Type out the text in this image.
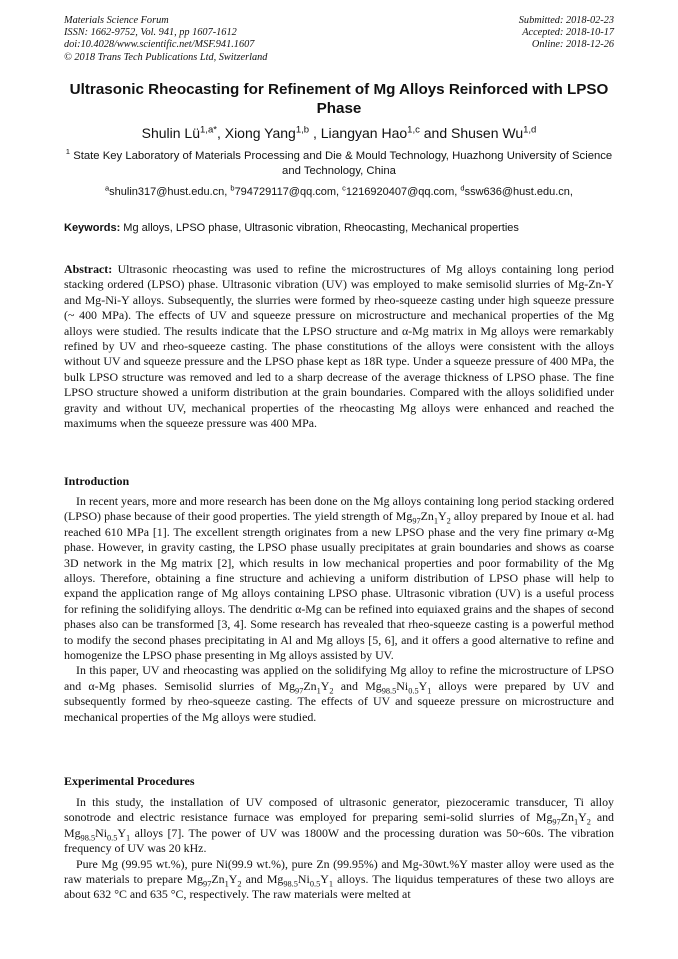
Materials Science Forum
ISSN: 1662-9752, Vol. 941, pp 1607-1612
doi:10.4028/www.scientific.net/MSF.941.1607
© 2018 Trans Tech Publications Ltd, Switzerland
Submitted: 2018-02-23
Accepted: 2018-10-17
Online: 2018-12-26
Ultrasonic Rheocasting for Refinement of Mg Alloys Reinforced with LPSO Phase
Shulin $Lü^{1,a*}$, Xiong Yang$^{1,b}$ , Liangyan Hao$^{1,c}$ and Shusen Wu$^{1,d}$
$^1$ State Key Laboratory of Materials Processing and Die & Mould Technology, Huazhong University of Science and Technology, China
$^a$shulin317@hust.edu.cn, $^b$794729117@qq.com, $^c$1216920407@qq.com, $^d$ssw636@hust.edu.cn,
Keywords: Mg alloys, LPSO phase, Ultrasonic vibration, Rheocasting, Mechanical properties
Abstract: Ultrasonic rheocasting was used to refine the microstructures of Mg alloys containing long period stacking ordered (LPSO) phase. Ultrasonic vibration (UV) was employed to make semisolid slurries of Mg-Zn-Y and Mg-Ni-Y alloys. Subsequently, the slurries were formed by rheo-squeeze casting under high squeeze pressure (~ 400 MPa). The effects of UV and squeeze pressure on microstructure and mechanical properties of the Mg alloys were studied. The results indicate that the LPSO structure and α-Mg matrix in Mg alloys were remarkably refined by UV and rheo-squeeze casting. The phase constitutions of the alloys were consistent with the alloys without UV and squeeze pressure and the LPSO phase kept as 18R type. Under a squeeze pressure of 400 MPa, the bulk LPSO structure was removed and led to a sharp decrease of the average thickness of LPSO phase. The fine LPSO structure showed a uniform distribution at the grain boundaries. Compared with the alloys solidified under gravity and without UV, mechanical properties of the rheocasting Mg alloys were enhanced and reached the maximums when the squeeze pressure was 400 MPa.
Introduction

In recent years, more and more research has been done on the Mg alloys containing long period stacking ordered (LPSO) phase because of their good properties. The yield strength of $Mg_{97}Zn_1Y_2$ alloy prepared by Inoue et al. had reached 610 MPa [1]. The excellent strength originates from a new LPSO phase and the very fine primary α-Mg phase. However, in gravity casting, the LPSO phase usually precipitates at grain boundaries and shows as coarse 3D network in the Mg matrix [2], which results in low mechanical properties and poor formability of the Mg alloys. Therefore, obtaining a fine structure and achieving a uniform distribution of LPSO phase will help to expand the application range of Mg alloys containing LPSO phase. Ultrasonic vibration (UV) is a useful process for refining the solidifying alloys. The dendritic α-Mg can be refined into equiaxed grains and the shapes of second phases also can be transformed [3, 4]. Some research has revealed that rheo-squeeze casting is a powerful method to modify the second phases precipitating in Al and Mg alloys [5, 6], and it offers a good alternative to refine and homogenize the LPSO phase presenting in Mg alloys assisted by UV.

In this paper, UV and rheocasting was applied on the solidifying Mg alloy to refine the microstructure of LPSO and α-Mg phases. Semisolid slurries of $Mg_{97}Zn_1Y_2$ and $Mg_{98.5}Ni_{0.5}Y_1$ alloys were prepared by UV and subsequently formed by rheo-squeeze casting. The effects of UV and squeeze pressure on microstructure and mechanical properties of the Mg alloys were studied.

Experimental Procedures

In this study, the installation of UV composed of ultrasonic generator, piezoceramic transducer, Ti alloy sonotrode and electric resistance furnace was employed for preparing semi-solid slurries of $Mg_{97}Zn_1Y_2$ and $Mg_{98.5}Ni_{0.5}Y_1$ alloys [7]. The power of UV was 1800W and the processing duration was 50~60s. The vibration frequency of UV was 20 kHz.

Pure Mg (99.95 wt.%), pure Ni(99.9 wt.%), pure Zn (99.95%) and Mg-30wt.%Y master alloy were used as the raw materials to prepare $Mg_{97}Zn_1Y_2$ and $Mg_{98.5}Ni_{0.5}Y_1$ alloys. The liquidus temperatures of these two alloys are about 632 °C and 635 °C, respectively. The raw materials were melted at
